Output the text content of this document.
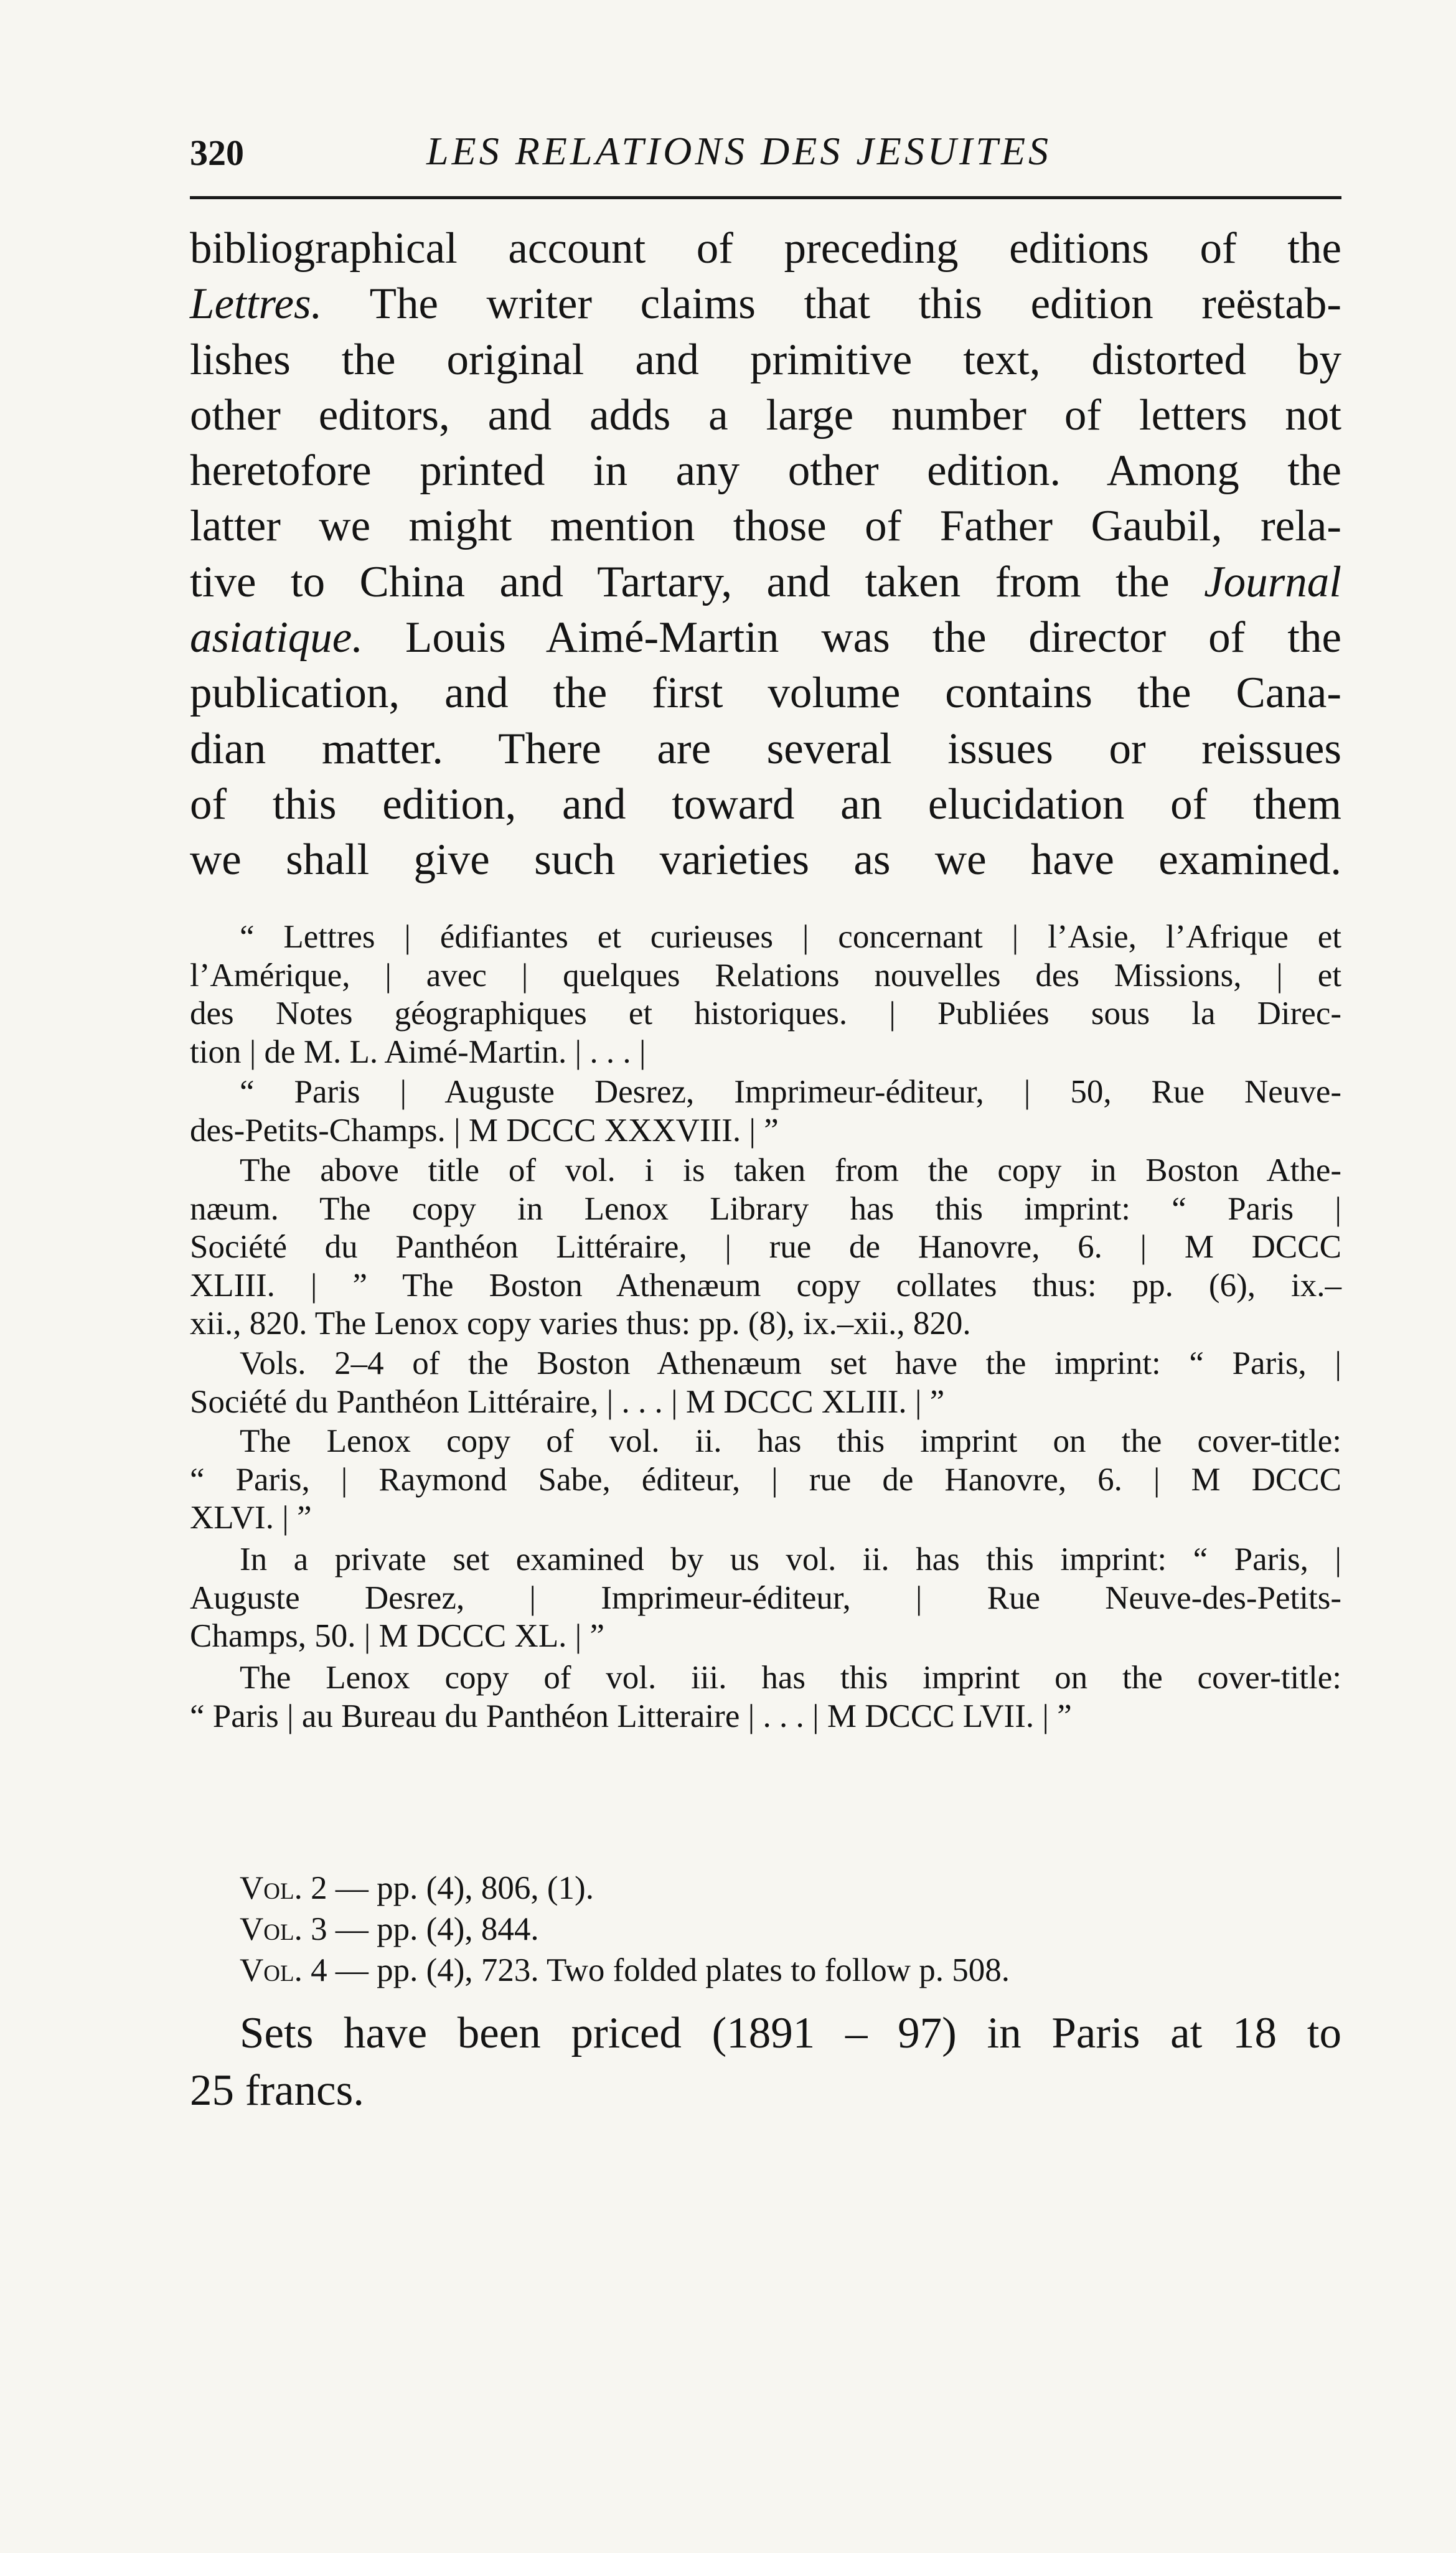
320	LES RELATIONS DES JESUITES
bibliographical account of preceding editions of the
Lettres. The writer claims that this edition reëstab-
lishes the original and primitive text, distorted by
other editors, and adds a large number of letters not
heretofore printed in any other edition. Among the
latter we might mention those of Father Gaubil, rela-
tive to China and Tartary, and taken from the Journal
asiatique. Louis Aimé-Martin was the director of the
publication, and the first volume contains the Cana-
dian matter. There are several issues or reissues
of this edition, and toward an elucidation of them
we shall give such varieties as we have examined.
“ Lettres | édifiantes et curieuses | concernant | l’Asie, l’Afrique et
l’Amérique, | avec | quelques Relations nouvelles des Missions, | et
des Notes géographiques et historiques. | Publiées sous la Direc-
tion | de M. L. Aimé-Martin. | . . . |
“ Paris | Auguste Desrez, Imprimeur-éditeur, | 50, Rue Neuve-
des-Petits-Champs. | M DCCC XXXVIII. | ”
The above title of vol. i is taken from the copy in Boston Athe-
næum. The copy in Lenox Library has this imprint: “ Paris |
Société du Panthéon Littéraire, | rue de Hanovre, 6. | M DCCC
XLIII. | ” The Boston Athenæum copy collates thus: pp. (6), ix.–
xii., 820. The Lenox copy varies thus: pp. (8), ix.–xii., 820.
Vols. 2–4 of the Boston Athenæum set have the imprint: “ Paris, |
Société du Panthéon Littéraire, | . . . | M DCCC XLIII. | ”
The Lenox copy of vol. ii. has this imprint on the cover-title:
“ Paris, | Raymond Sabe, éditeur, | rue de Hanovre, 6. | M DCCC
XLVI. | ”
In a private set examined by us vol. ii. has this imprint: “ Paris, |
Auguste Desrez, | Imprimeur-éditeur, | Rue Neuve-des-Petits-
Champs, 50. | M DCCC XL. | ”
The Lenox copy of vol. iii. has this imprint on the cover-title:
“ Paris | au Bureau du Panthéon Litteraire | . . . | M DCCC LVII. | ”
Vol. 2 — pp. (4), 806, (1).
Vol. 3 — pp. (4), 844.
Vol. 4 — pp. (4), 723. Two folded plates to follow p. 508.
Sets have been priced (1891 – 97) in Paris at 18 to
25 francs.
